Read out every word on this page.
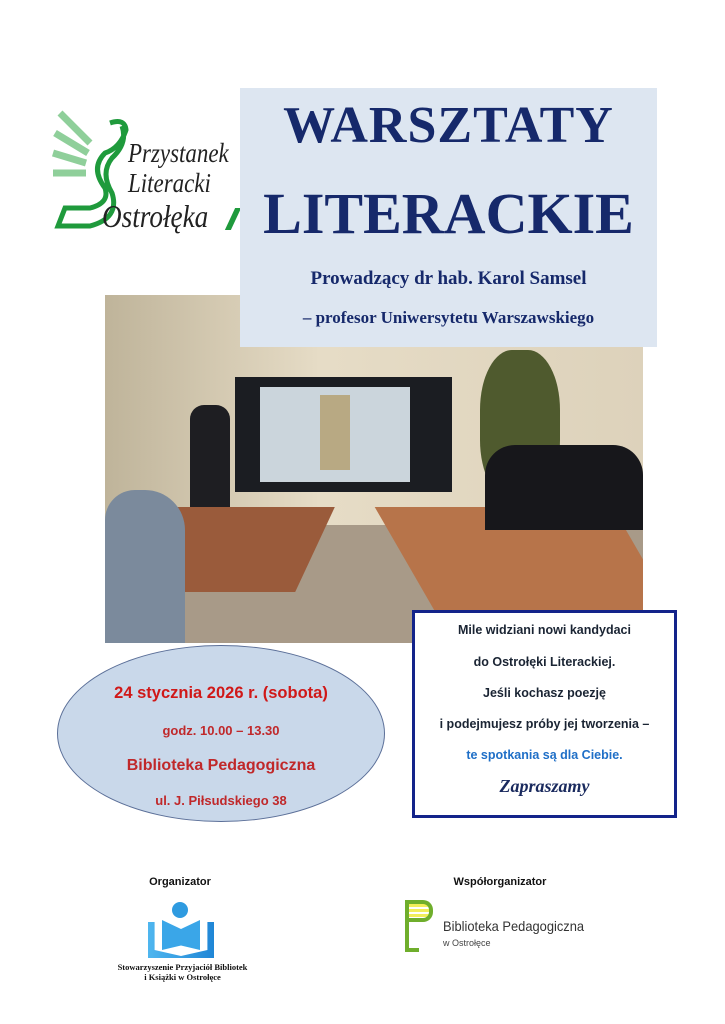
Przystanek
Literacki
Ostrołęka
WARSZTATY
LITERACKIE
Prowadzący dr hab. Karol Samsel
– profesor Uniwersytetu Warszawskiego
24 stycznia 2026 r. (sobota)
godz. 10.00 – 13.30
Biblioteka Pedagogiczna
ul. J. Piłsudskiego 38
Mile widziani nowi kandydaci
do Ostrołęki Literackiej.
Jeśli kochasz poezję
i podejmujesz próby jej tworzenia –
te spotkania są dla Ciebie.
Zapraszamy
Organizator
Stowarzyszenie Przyjaciół Bibliotek
i Książki w Ostrołęce
Współorganizator
Biblioteka Pedagogiczna
w Ostrołęce
